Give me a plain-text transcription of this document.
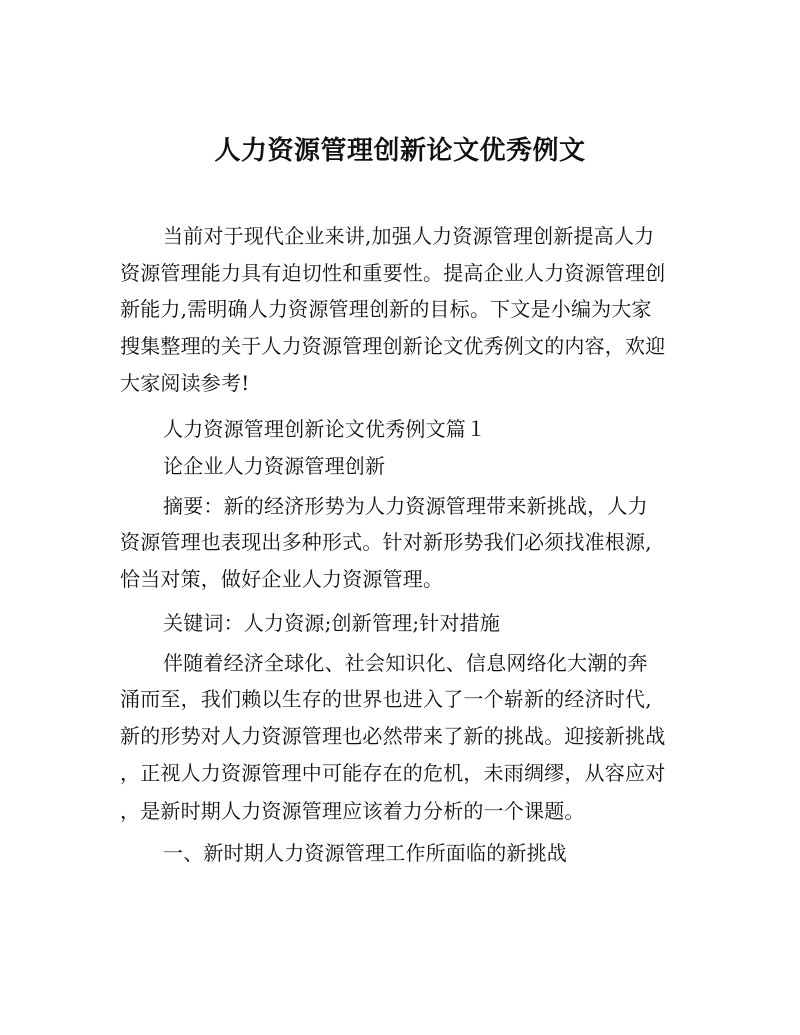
人力资源管理创新论文优秀例文
当前对于现代企业来讲,加强人力资源管理创新提高人力
资源管理能力具有迫切性和重要性。提高企业人力资源管理创
新能力,需明确人力资源管理创新的目标。下文是小编为大家
搜集整理的关于人力资源管理创新论文优秀例文的内容，欢迎
大家阅读参考!
人力资源管理创新论文优秀例文篇１
论企业人力资源管理创新
摘要：新的经济形势为人力资源管理带来新挑战，人力
资源管理也表现出多种形式。针对新形势我们必须找准根源,
恰当对策，做好企业人力资源管理。
关键词：人力资源;创新管理;针对措施
伴随着经济全球化、社会知识化、信息网络化大潮的奔
涌而至，我们赖以生存的世界也进入了一个崭新的经济时代,
新的形势对人力资源管理也必然带来了新的挑战。迎接新挑战
，正视人力资源管理中可能存在的危机，未雨绸缪，从容应对
，是新时期人力资源管理应该着力分析的一个课题。
一、新时期人力资源管理工作所面临的新挑战
